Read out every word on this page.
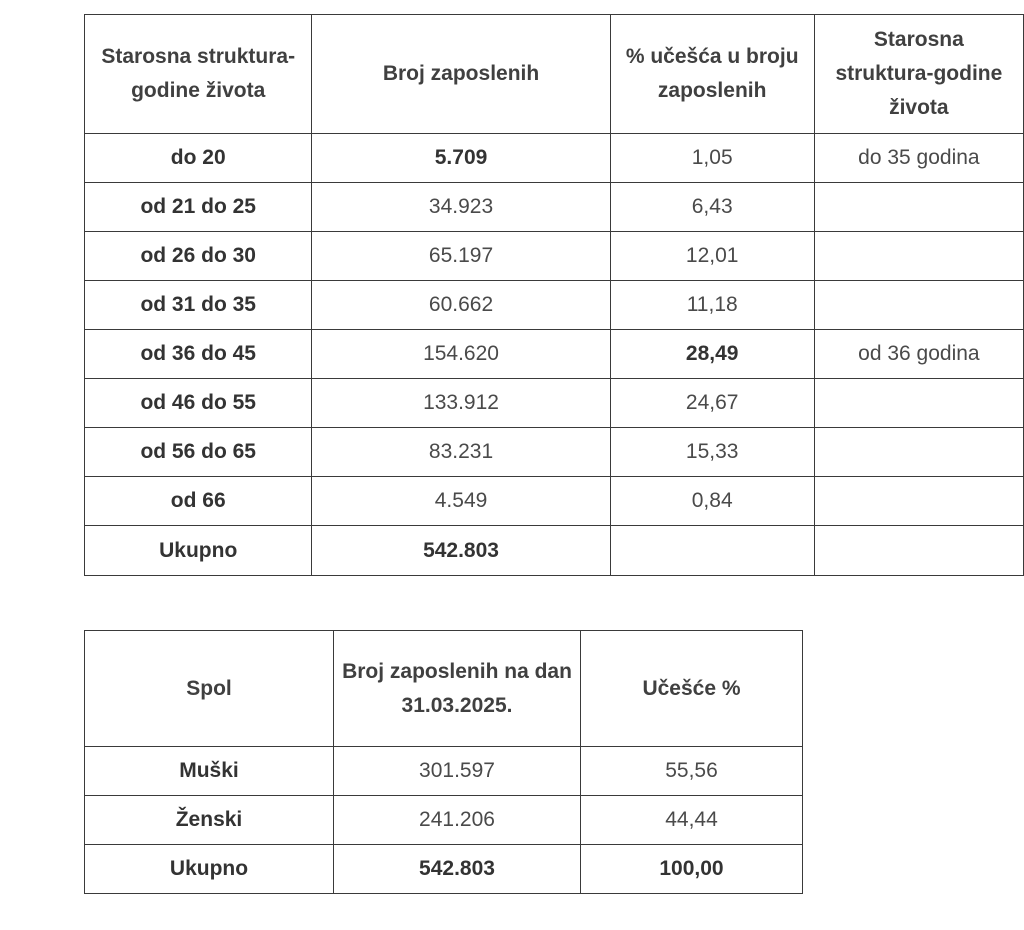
Starosna struktura-godine života	Broj zaposlenih	% učešća u broju zaposlenih	Starosna struktura-godine života
do 20	5.709	1,05	do 35 godina
od 21 do 25	34.923	6,43	
od 26 do 30	65.197	12,01	
od 31 do 35	60.662	11,18	
od 36 do 45	154.620	28,49	od 36 godina
od 46 do 55	133.912	24,67	
od 56 do 65	83.231	15,33	
od 66	4.549	0,84	
Ukupno	542.803		
Spol	Broj zaposlenih na dan 31.03.2025.	Učešće %
Muški	301.597	55,56
Ženski	241.206	44,44
Ukupno	542.803	100,00
